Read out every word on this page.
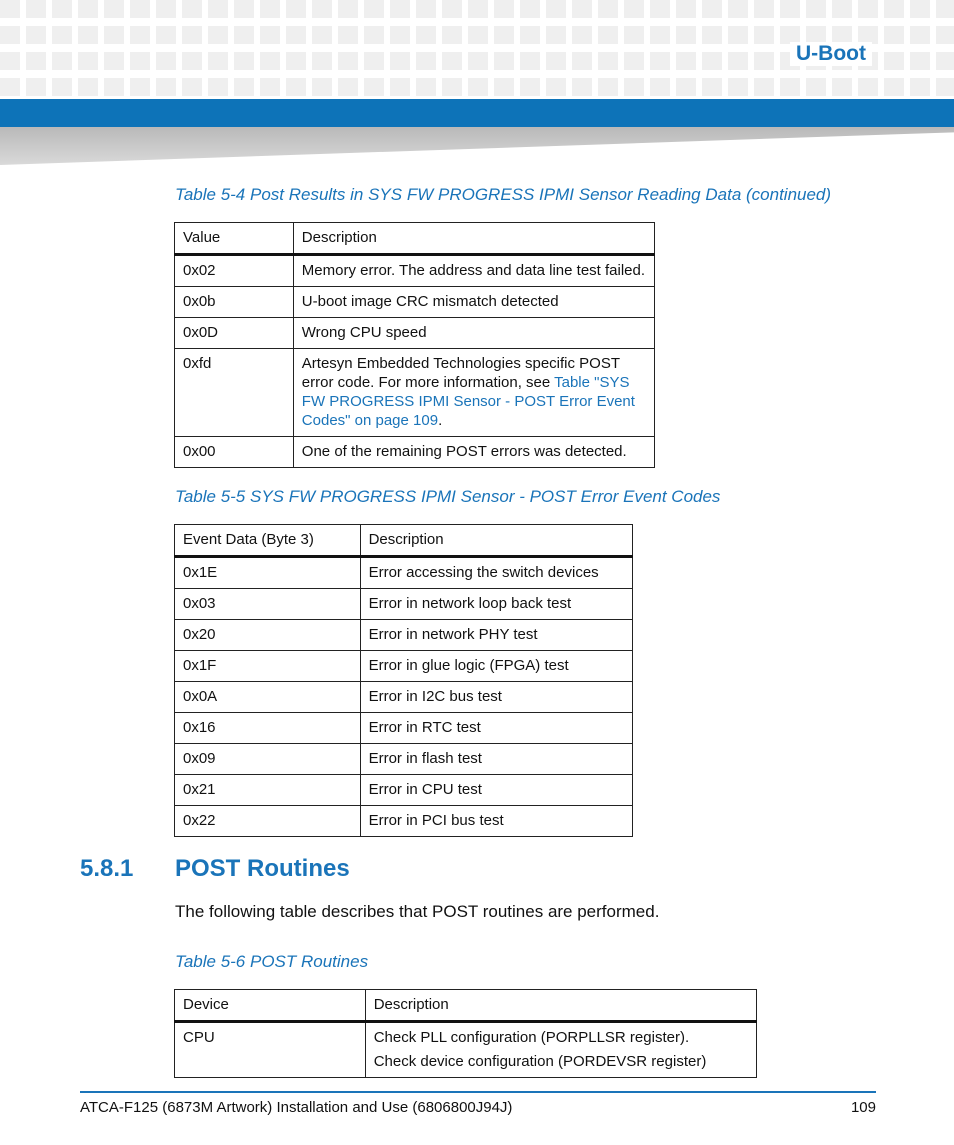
U-Boot
Table 5-4 Post Results in SYS FW PROGRESS IPMI Sensor Reading Data (continued)
Value	Description
0x02	Memory error. The address and data line test failed.
0x0b	U-boot image CRC mismatch detected
0x0D	Wrong CPU speed
0xfd	Artesyn Embedded Technologies specific POST error code. For more information, see Table "SYS FW PROGRESS IPMI Sensor - POST Error Event Codes" on page 109.
0x00	One of the remaining POST errors was detected.
Table 5-5 SYS FW PROGRESS IPMI Sensor - POST Error Event Codes
Event Data (Byte 3)	Description
0x1E	Error accessing the switch devices
0x03	Error in network loop back test
0x20	Error in network PHY test
0x1F	Error in glue logic (FPGA) test
0x0A	Error in I2C bus test
0x16	Error in RTC test
0x09	Error in flash test
0x21	Error in CPU test
0x22	Error in PCI bus test
5.8.1 POST Routines
The following table describes that POST routines are performed.
Table 5-6 POST Routines
Device	Description
CPU	Check PLL configuration (PORPLLSR register).
Check device configuration (PORDEVSR register)
ATCA-F125 (6873M Artwork) Installation and Use (6806800J94J)	109
